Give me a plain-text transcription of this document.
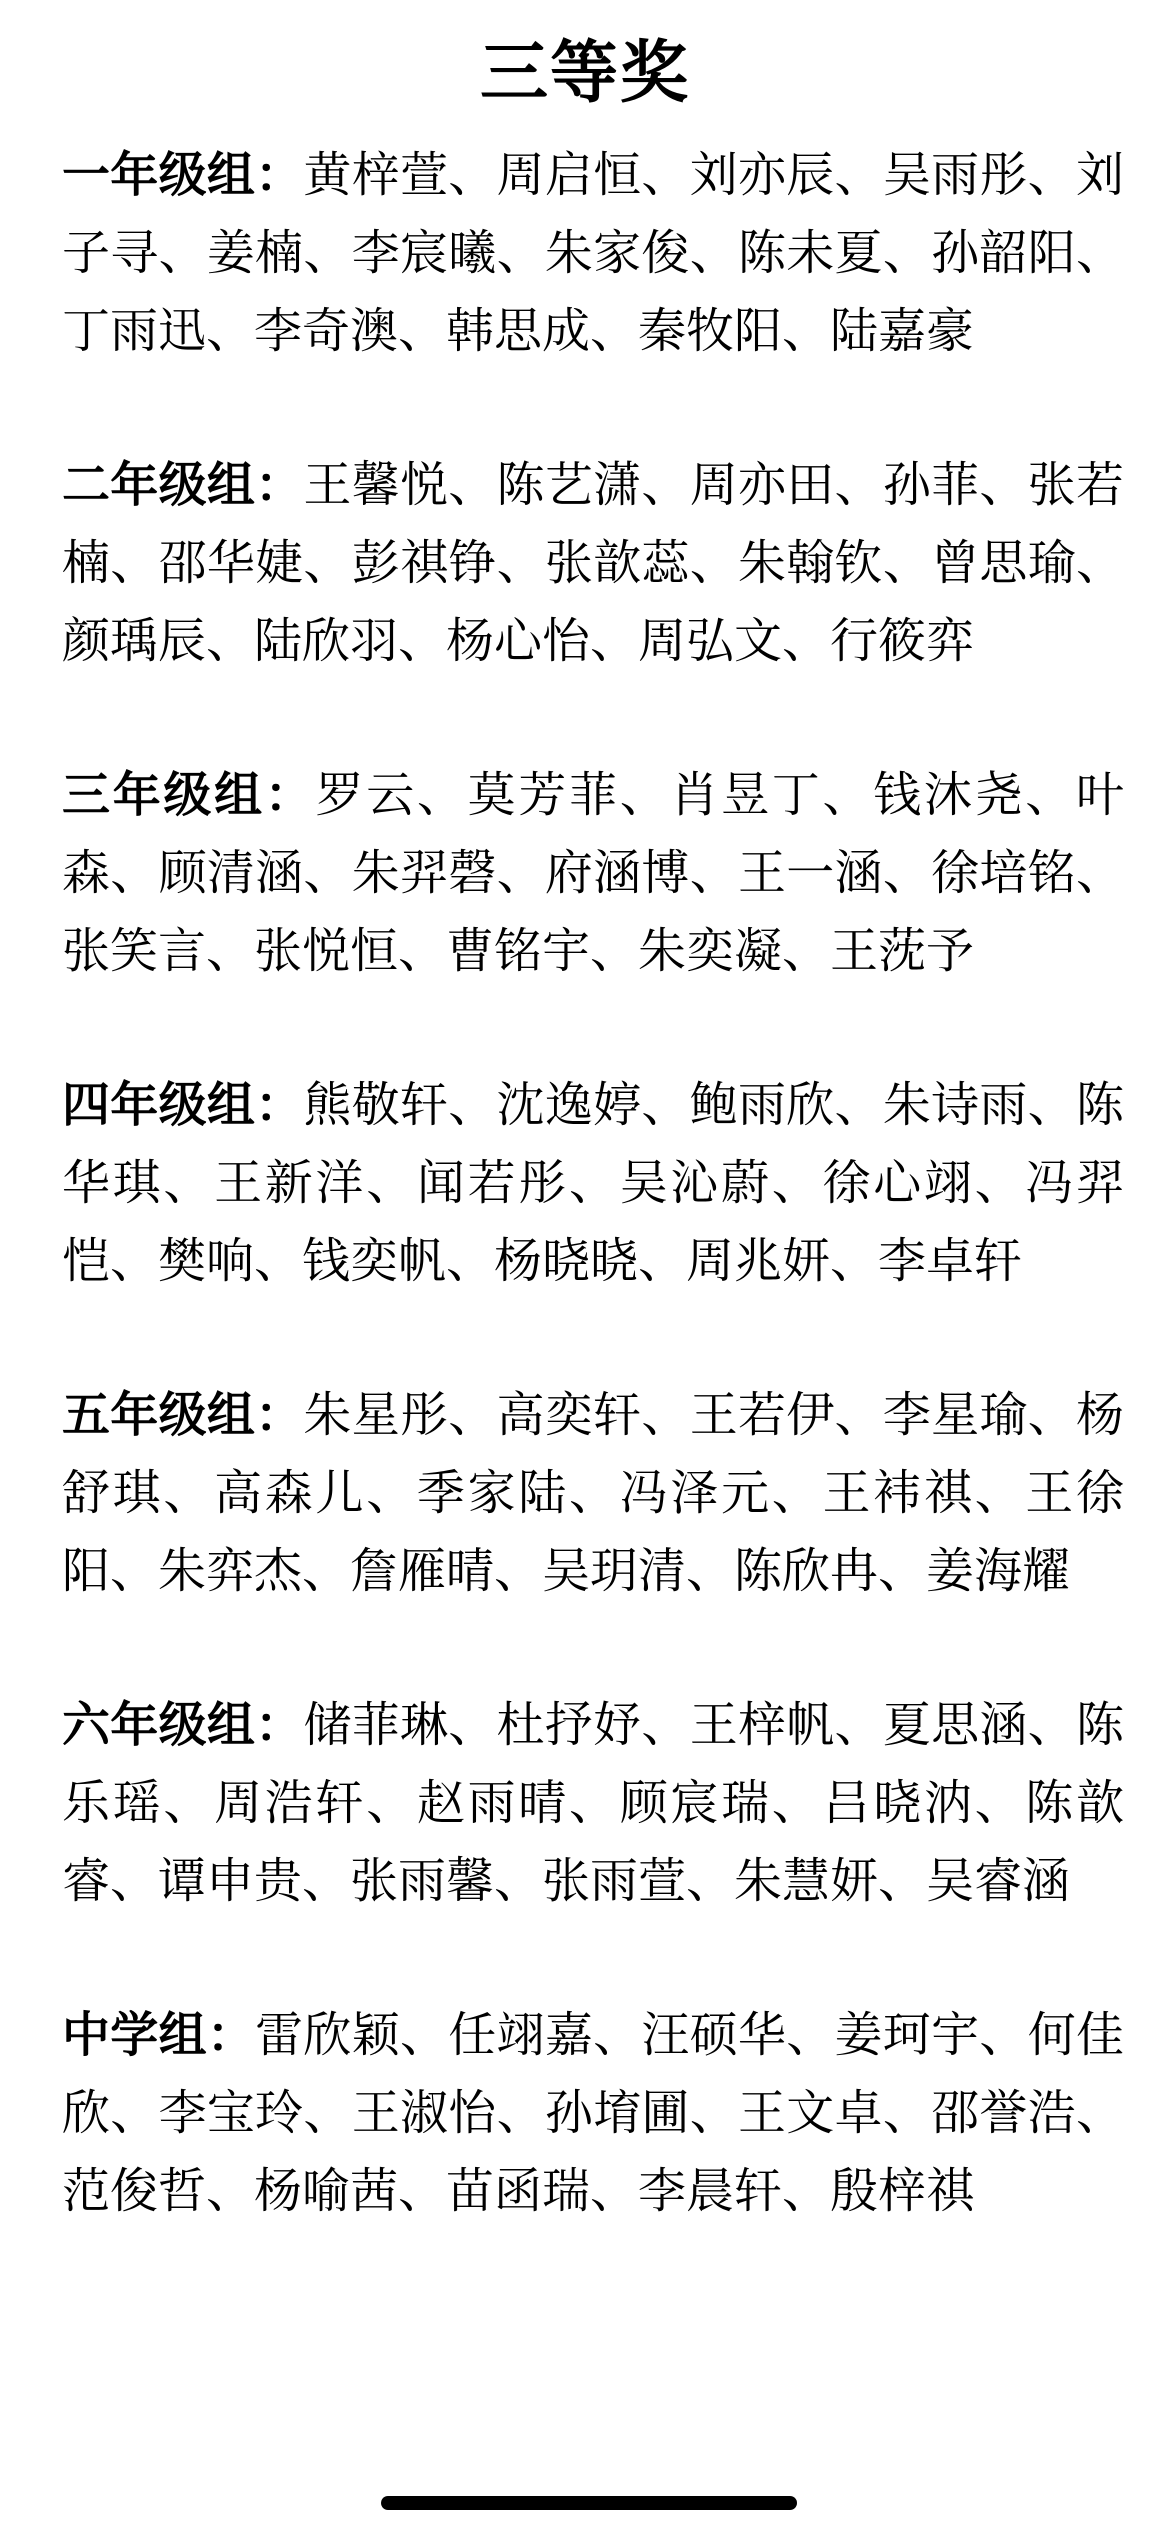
三等奖

一年级组：黄梓萱、周启恒、刘亦辰、吴雨彤、刘子寻、姜楠、李宸曦、朱家俊、陈未夏、孙韶阳、丁雨迅、李奇澳、韩思成、秦牧阳、陆嘉豪

二年级组：王馨悦、陈艺潇、周亦田、孙菲、张若楠、邵华婕、彭祺铮、张歆蕊、朱翰钦、曾思瑜、颜瑀辰、陆欣羽、杨心怡、周弘文、行筱弈

三年级组：罗云、莫芳菲、肖昱丁、钱沐尧、叶森、顾清涵、朱羿磬、府涵博、王一涵、徐培铭、张笑言、张悦恒、曹铭宇、朱奕凝、王莐予

四年级组：熊敬轩、沈逸婷、鲍雨欣、朱诗雨、陈华琪、王新洋、闻若彤、吴沁蔚、徐心翊、冯羿恺、樊响、钱奕帆、杨晓晓、周兆妍、李卓轩

五年级组：朱星彤、高奕轩、王若伊、李星瑜、杨舒琪、高森儿、季家陆、冯泽元、王袆祺、王徐阳、朱弈杰、詹雁晴、吴玥清、陈欣冉、姜海耀

六年级组：储菲琳、杜抒妤、王梓帆、夏思涵、陈乐瑶、周浩轩、赵雨晴、顾宸瑞、吕晓汭、陈歆睿、谭申贵、张雨馨、张雨萱、朱慧妍、吴睿涵

中学组：雷欣颖、任翊嘉、汪硕华、姜珂宇、何佳欣、李宝玲、王淑怡、孙堉圃、王文卓、邵誉浩、范俊哲、杨喻茜、苗函瑞、李晨轩、殷梓祺
